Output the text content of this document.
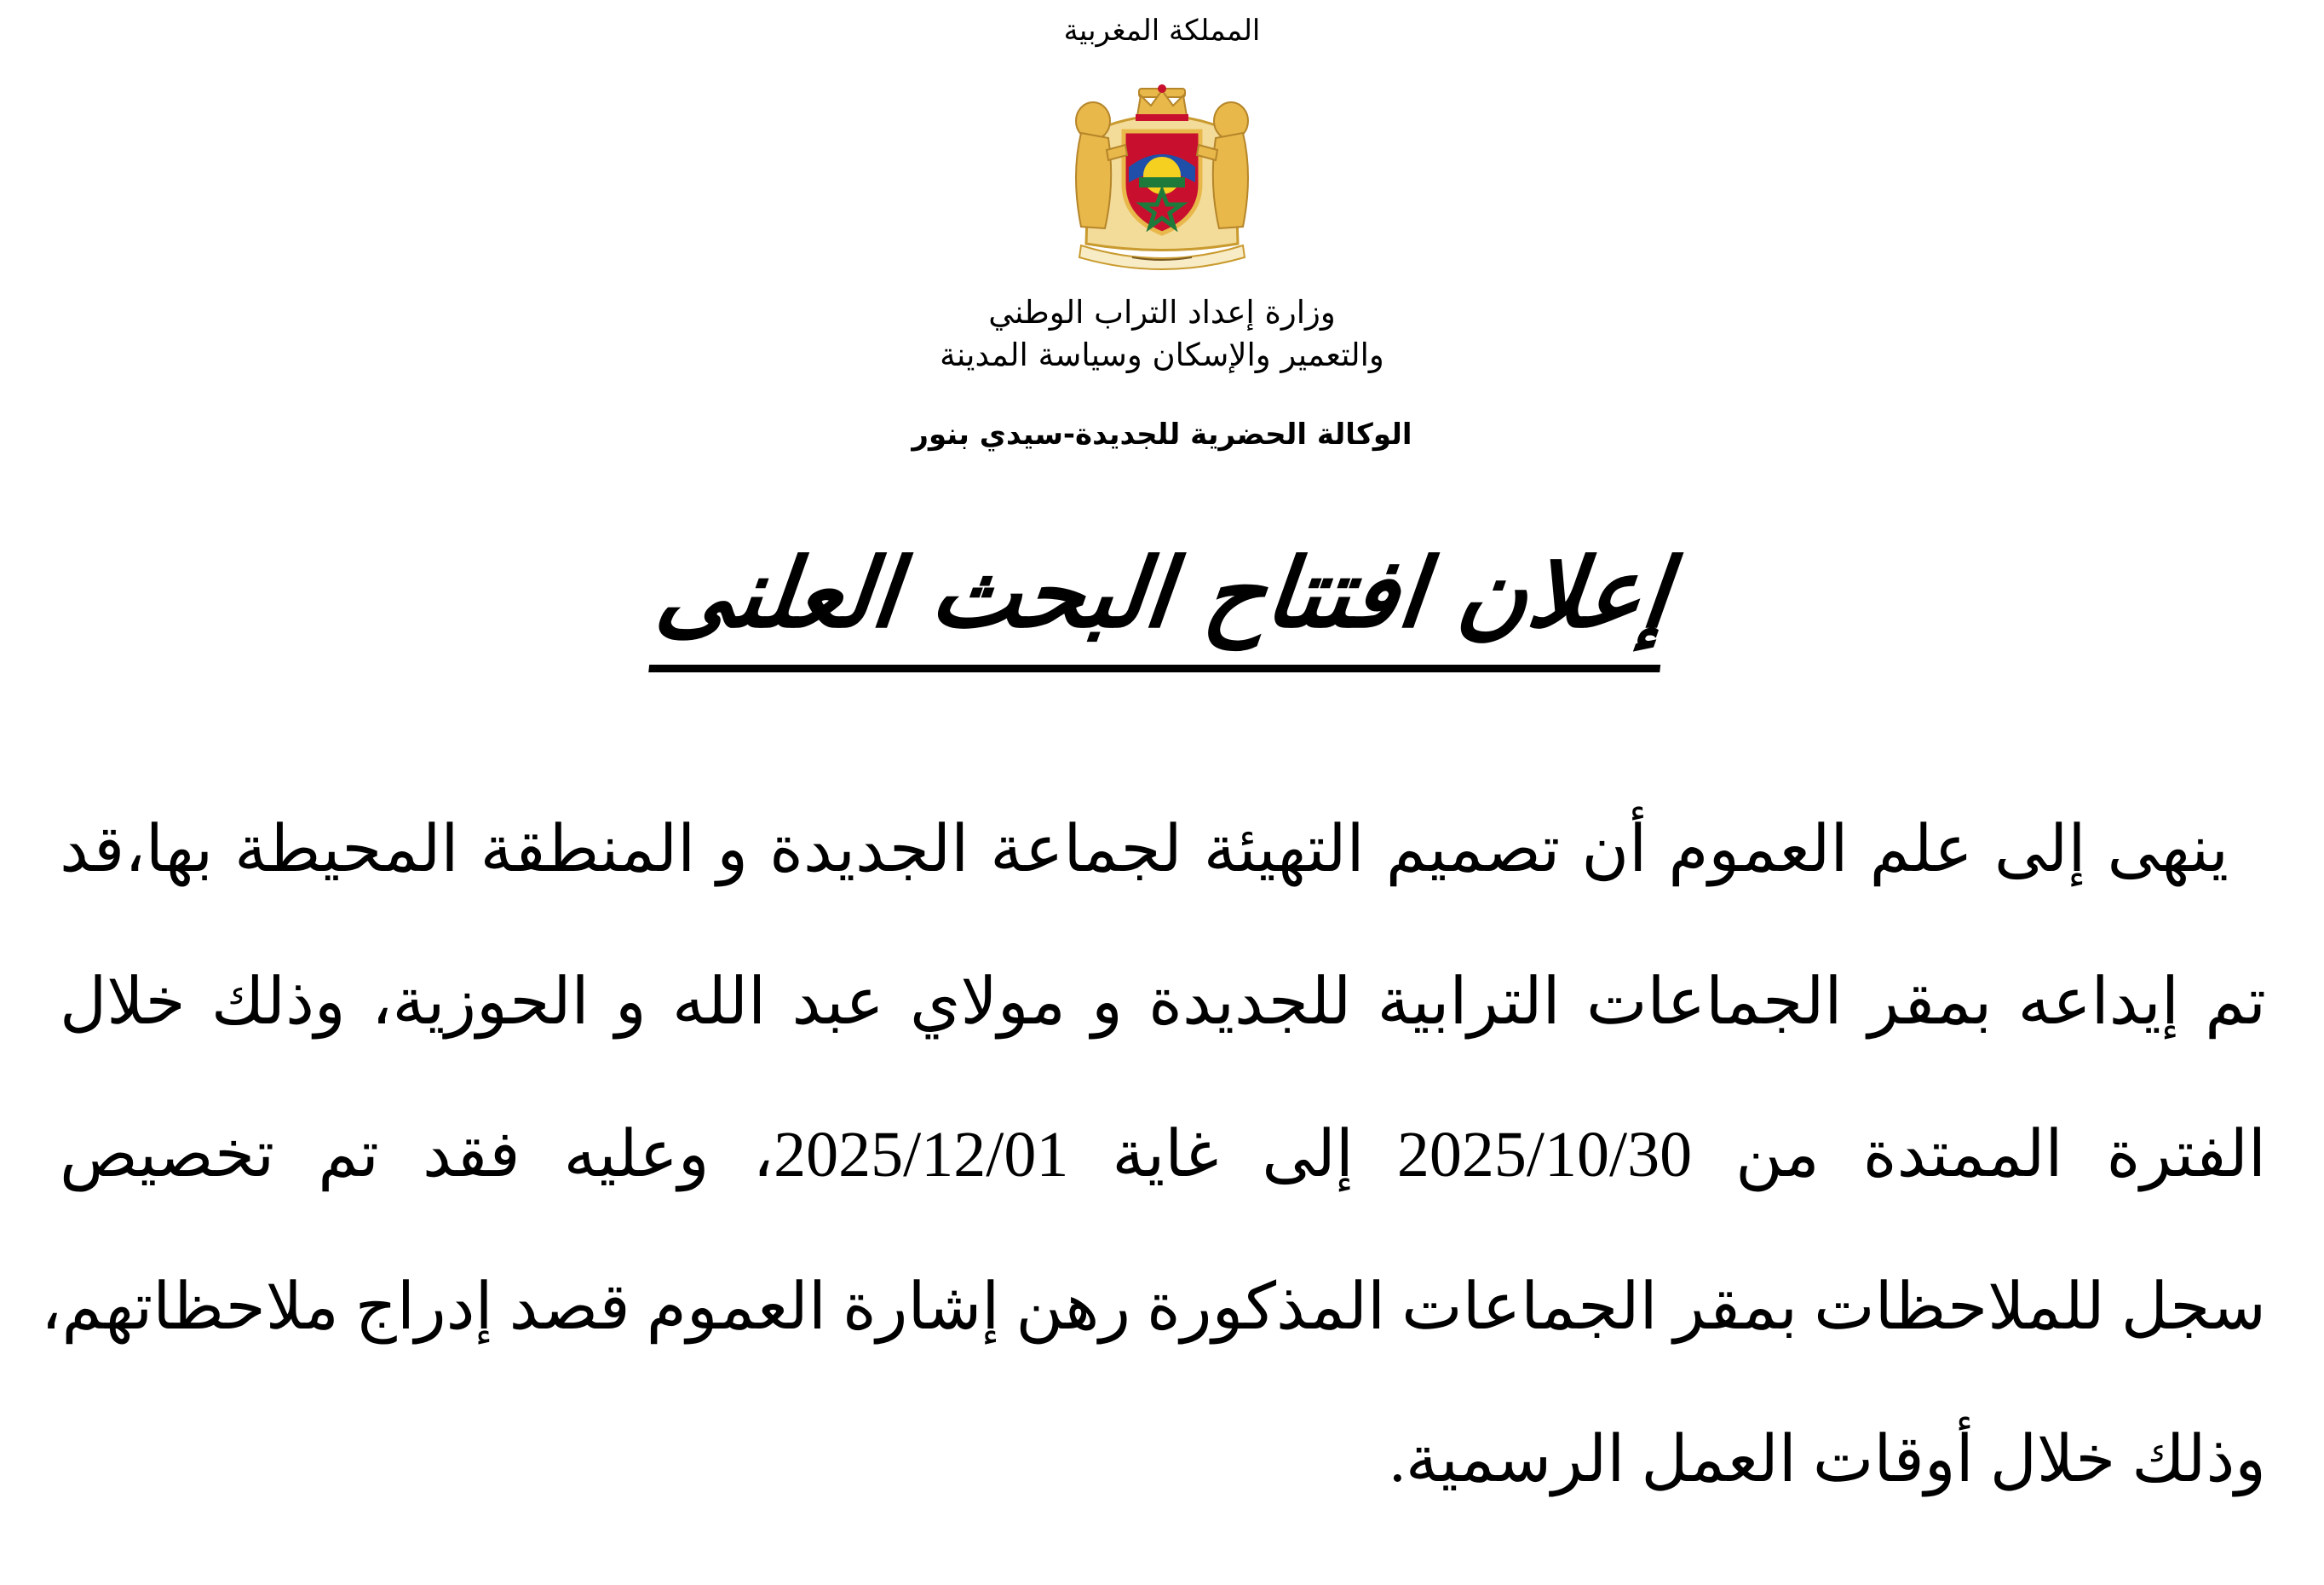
المملكة المغربية

وزارة إعداد التراب الوطني

والتعمير والإسكان وسياسة المدينة

الوكالة الحضرية للجديدة-سيدي بنور

إعلان افتتاح البحث العلنى
ينهى إلى علم العموم أن تصميم التهيئة لجماعة الجديدة و المنطقة المحيطة بها،قد
تم إيداعه بمقر الجماعات الترابية للجديدة و مولاي عبد الله و الحوزية، وذلك خلال
الفترة الممتدة من 2025/10/30 إلى غاية 2025/12/01، وعليه فقد تم تخصيص
سجل للملاحظات بمقر الجماعات المذكورة رهن إشارة العموم قصد إدراج ملاحظاتهم،
وذلك خلال أوقات العمل الرسمية.
